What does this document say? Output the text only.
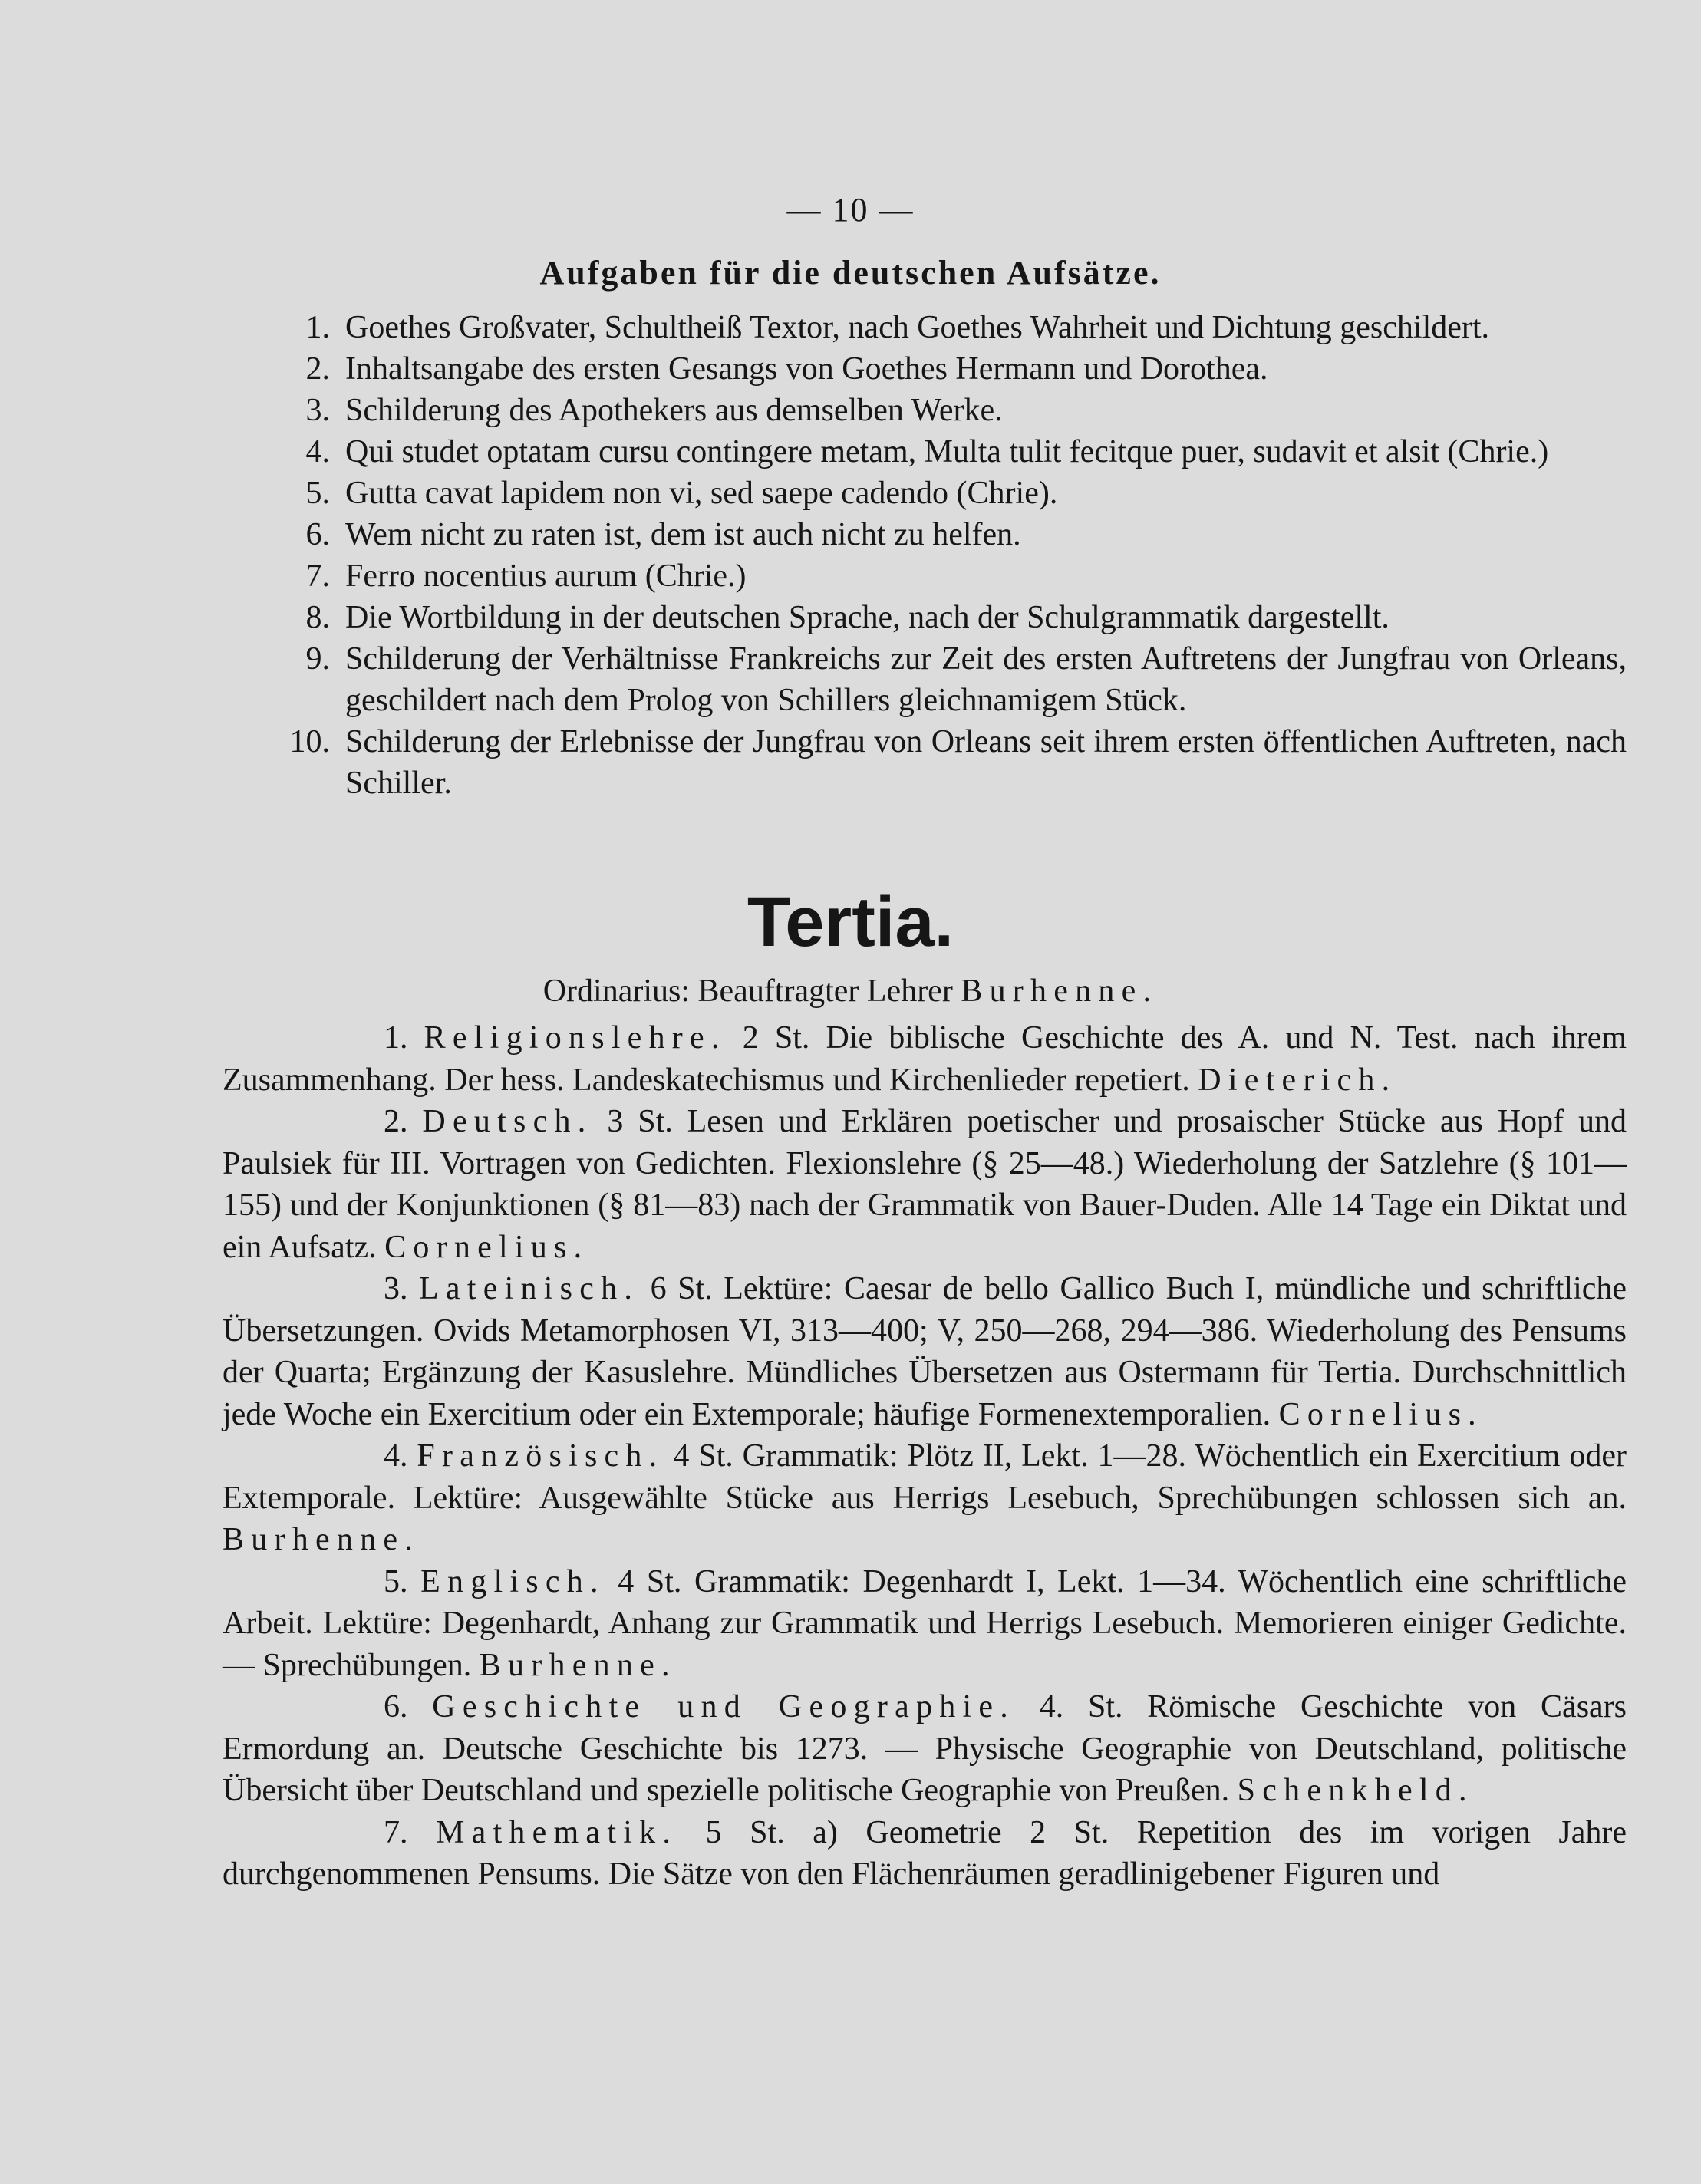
— 10 —
Aufgaben für die deutschen Aufsätze.
1. Goethes Großvater, Schultheiß Textor, nach Goethes Wahrheit und Dichtung geschildert.
2. Inhaltsangabe des ersten Gesangs von Goethes Hermann und Dorothea.
3. Schilderung des Apothekers aus demselben Werke.
4. Qui studet optatam cursu contingere metam, Multa tulit fecitque puer, sudavit et alsit (Chrie.)
5. Gutta cavat lapidem non vi, sed saepe cadendo (Chrie).
6. Wem nicht zu raten ist, dem ist auch nicht zu helfen.
7. Ferro nocentius aurum (Chrie.)
8. Die Wortbildung in der deutschen Sprache, nach der Schulgrammatik dargestellt.
9. Schilderung der Verhältnisse Frankreichs zur Zeit des ersten Auftretens der Jungfrau von Orleans, geschildert nach dem Prolog von Schillers gleichnamigem Stück.
10. Schilderung der Erlebnisse der Jungfrau von Orleans seit ihrem ersten öffentlichen Auftreten, nach Schiller.
Tertia.
Ordinarius: Beauftragter Lehrer Burhenne.

1. Religionslehre. 2 St. Die biblische Geschichte des A. und N. Test. nach ihrem Zusammenhang. Der hess. Landeskatechismus und Kirchenlieder repetiert. Dieterich.

2. Deutsch. 3 St. Lesen und Erklären poetischer und prosaischer Stücke aus Hopf und Paulsiek für III. Vortragen von Gedichten. Flexionslehre (§ 25—48.) Wiederholung der Satzlehre (§ 101—155) und der Konjunktionen (§ 81—83) nach der Grammatik von Bauer-Duden. Alle 14 Tage ein Diktat und ein Aufsatz. Cornelius.

3. Lateinisch. 6 St. Lektüre: Caesar de bello Gallico Buch I, mündliche und schriftliche Übersetzungen. Ovids Metamorphosen VI, 313—400; V, 250—268, 294—386. Wiederholung des Pensums der Quarta; Ergänzung der Kasuslehre. Mündliches Übersetzen aus Ostermann für Tertia. Durchschnittlich jede Woche ein Exercitium oder ein Extemporale; häufige Formenextemporalien. Cornelius.

4. Französisch. 4 St. Grammatik: Plötz II, Lekt. 1—28. Wöchentlich ein Exercitium oder Extemporale. Lektüre: Ausgewählte Stücke aus Herrigs Lesebuch, Sprechübungen schlossen sich an. Burhenne.

5. Englisch. 4 St. Grammatik: Degenhardt I, Lekt. 1—34. Wöchentlich eine schriftliche Arbeit. Lektüre: Degenhardt, Anhang zur Grammatik und Herrigs Lesebuch. Memorieren einiger Gedichte. — Sprechübungen. Burhenne.

6. Geschichte und Geographie. 4. St. Römische Geschichte von Cäsars Ermordung an. Deutsche Geschichte bis 1273. — Physische Geographie von Deutschland, politische Übersicht über Deutschland und spezielle politische Geographie von Preußen. Schenkheld.

7. Mathematik. 5 St. a) Geometrie 2 St. Repetition des im vorigen Jahre durchgenommenen Pensums. Die Sätze von den Flächenräumen geradlinigebener Figuren und
